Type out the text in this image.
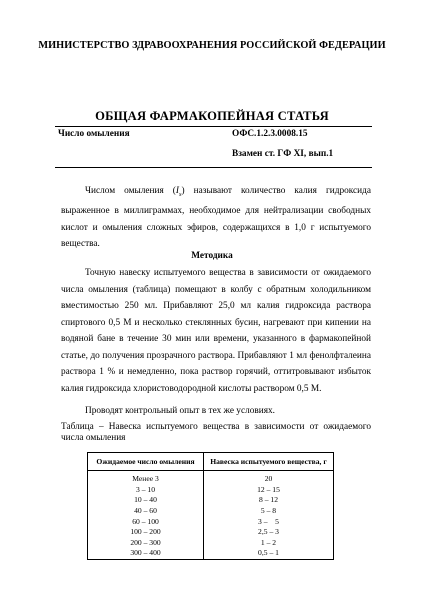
МИНИСТЕРСТВО ЗДРАВООХРАНЕНИЯ РОССИЙСКОЙ ФЕДЕРАЦИИ
ОБЩАЯ ФАРМАКОПЕЙНАЯ СТАТЬЯ
Число омыления	ОФС.1.2.3.0008.15
Взамен ст. ГФ XI, вып.1

Числом омыления $(I_s)$ называют количество калия гидроксида выраженное в миллиграммах, необходимое для нейтрализации свободных кислот и омыления сложных эфиров, содержащихся в 1,0 г испытуемого вещества.

Методика

Точную навеску испытуемого вещества в зависимости от ожидаемого числа омыления (таблица) помещают в колбу с обратным холодильником вместимостью 250 мл. Прибавляют 25,0 мл калия гидроксида раствора спиртового 0,5 М и несколько стеклянных бусин, нагревают при кипении на водяной бане в течение 30 мин или времени, указанного в фармакопейной статье, до получения прозрачного раствора. Прибавляют 1 мл фенолфталеина раствора 1 % и немедленно, пока раствор горячий, оттитровывают избыток калия гидроксида хлористоводородной кислоты раствором 0,5 М.

Проводят контрольный опыт в тех же условиях.

Таблица – Навеска испытуемого вещества в зависимости от ожидаемого числа омыления

Ожидаемое число омыления	Навеска испытуемого вещества, г
Менее 3	20
3 – 10	12 – 15
10 – 40	8 – 12
40 – 60	5 – 8
60 – 100	3 –    5
100 – 200	2,5 – 3
200 – 300	1 – 2
300 – 400	0,5 – 1
